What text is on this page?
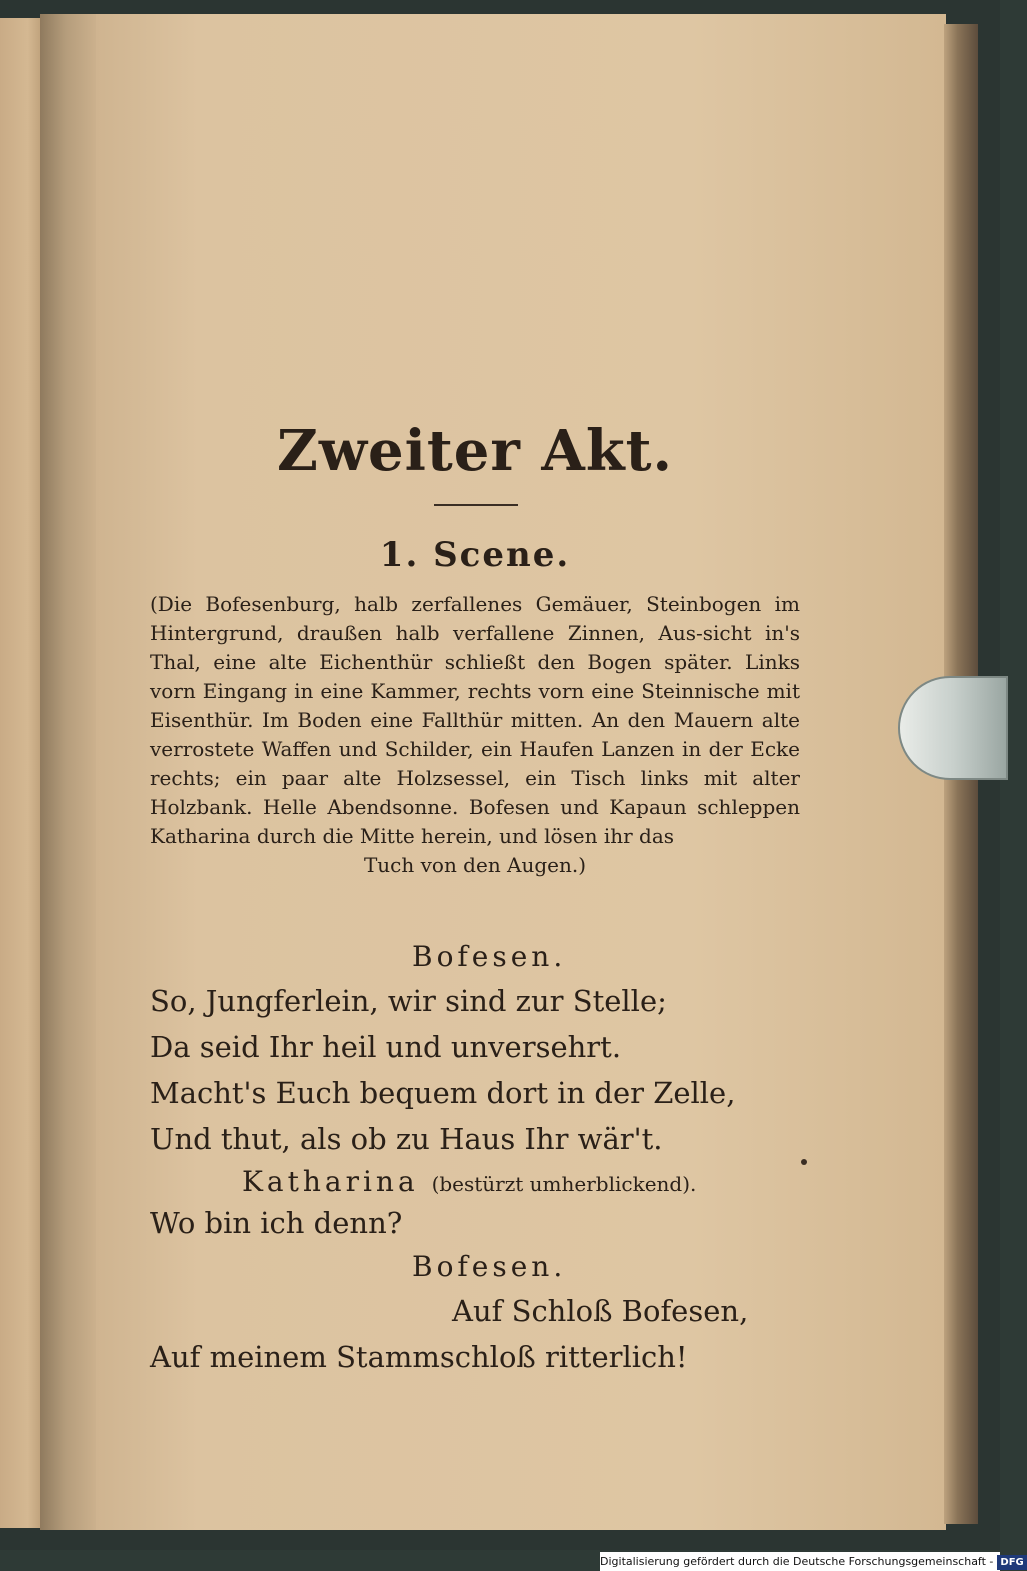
Zweiter Akt.
1. Scene.

(Die Bofesenburg, halb zerfallenes Gemäuer, Steinbogen im Hintergrund, draußen halb verfallene Zinnen, Aus-sicht in's Thal, eine alte Eichenthür schließt den Bogen später. Links vorn Eingang in eine Kammer, rechts vorn eine Steinnische mit Eisenthür. Im Boden eine Fallthür mitten. An den Mauern alte verrostete Waffen und Schilder, ein Haufen Lanzen in der Ecke rechts; ein paar alte Holzsessel, ein Tisch links mit alter Holzbank. Helle Abendsonne. Bofesen und Kapaun schleppen Katharina durch die Mitte herein, und lösen ihr das
Tuch von den Augen.)

Bofesen.
So, Jungferlein, wir sind zur Stelle;
Da seid Ihr heil und unversehrt.
Macht's Euch bequem dort in der Zelle,
Und thut, als ob zu Haus Ihr wär't.
Katharina (bestürzt umherblickend).
Wo bin ich denn?
Bofesen.
Auf Schloß Bofesen,
Auf meinem Stammschloß ritterlich!
Digitalisierung gefördert durch die Deutsche Forschungsgemeinschaft - DFG
